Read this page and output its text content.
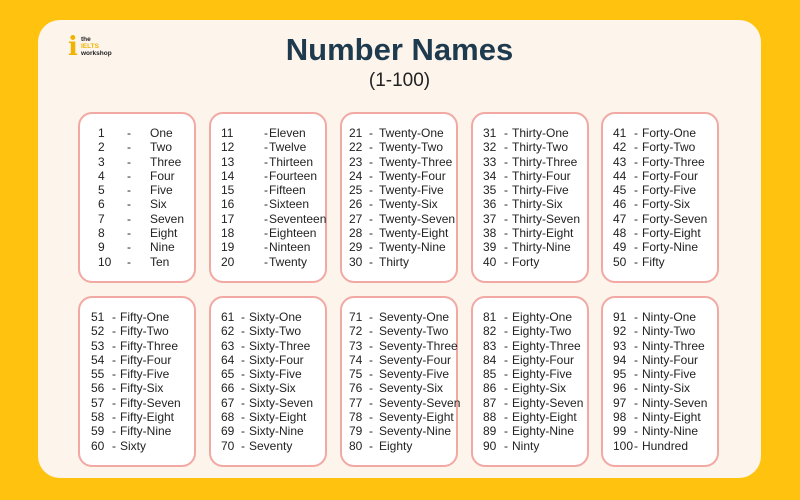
i the
IELTS
workshop	Number Names
(1-100)
1 - One
2 - Two
3 - Three
4 - Four
5 - Five
6 - Six
7 - Seven
8 - Eight
9 - Nine
10 - Ten
11	- Eleven
12 - Twelve
13 - Thirteen
14 - Fourteen
15 - Fifteen
16 - Sixteen
17 - Seventeen
18 - Eighteen
19 - Ninteen
20 - Twenty
21 - Twenty-One
22 - Twenty-Two
23 - Twenty-Three
24 - Twenty-Four
25 - Twenty-Five
26 - Twenty-Six
27 - Twenty-Seven
28 - Twenty-Eight
29 - Twenty-Nine
30 - Thirty
31 - Thirty-One
32 - Thirty-Two
33 - Thirty-Three
34 - Thirty-Four
35 - Thirty-Five
36 - Thirty-Six
37 - Thirty-Seven
38 - Thirty-Eight
39 - Thirty-Nine
40 - Forty
41 - Forty-One
42 - Forty-Two
43 - Forty-Three
44 - Forty-Four
45 - Forty-Five
46 - Forty-Six
47 - Forty-Seven
48 - Forty-Eight
49 - Forty-Nine
50 - Fifty
51 - Fifty-One
52 - Fifty-Two
53 - Fifty-Three
54 - Fifty-Four
55 - Fifty-Five
56 - Fifty-Six
57 - Fifty-Seven
58 - Fifty-Eight
59 - Fifty-Nine
60 - Sixty
61 - Sixty-One
62 - Sixty-Two
63 - Sixty-Three
64 - Sixty-Four
65 - Sixty-Five
66 - Sixty-Six
67 - Sixty-Seven
68 - Sixty-Eight
69 - Sixty-Nine
70 - Seventy
71 - Seventy-One
72 - Seventy-Two
73 - Seventy-Three
74 - Seventy-Four
75 - Seventy-Five
76 - Seventy-Six
77 - Seventy-Seven
78 - Seventy-Eight
79 - Seventy-Nine
80 - Eighty
81 - Eighty-One
82 - Eighty-Two
83 - Eighty-Three
84 - Eighty-Four
85 - Eighty-Five
86 - Eighty-Six
87 - Eighty-Seven
88 - Eighty-Eight
89 - Eighty-Nine
90 - Ninty
91 - Ninty-One
92 - Ninty-Two
93 - Ninty-Three
94 - Ninty-Four
95 - Ninty-Five
96 - Ninty-Six
97 - Ninty-Seven
98 - Ninty-Eight
99 - Ninty-Nine
100 - Hundred
